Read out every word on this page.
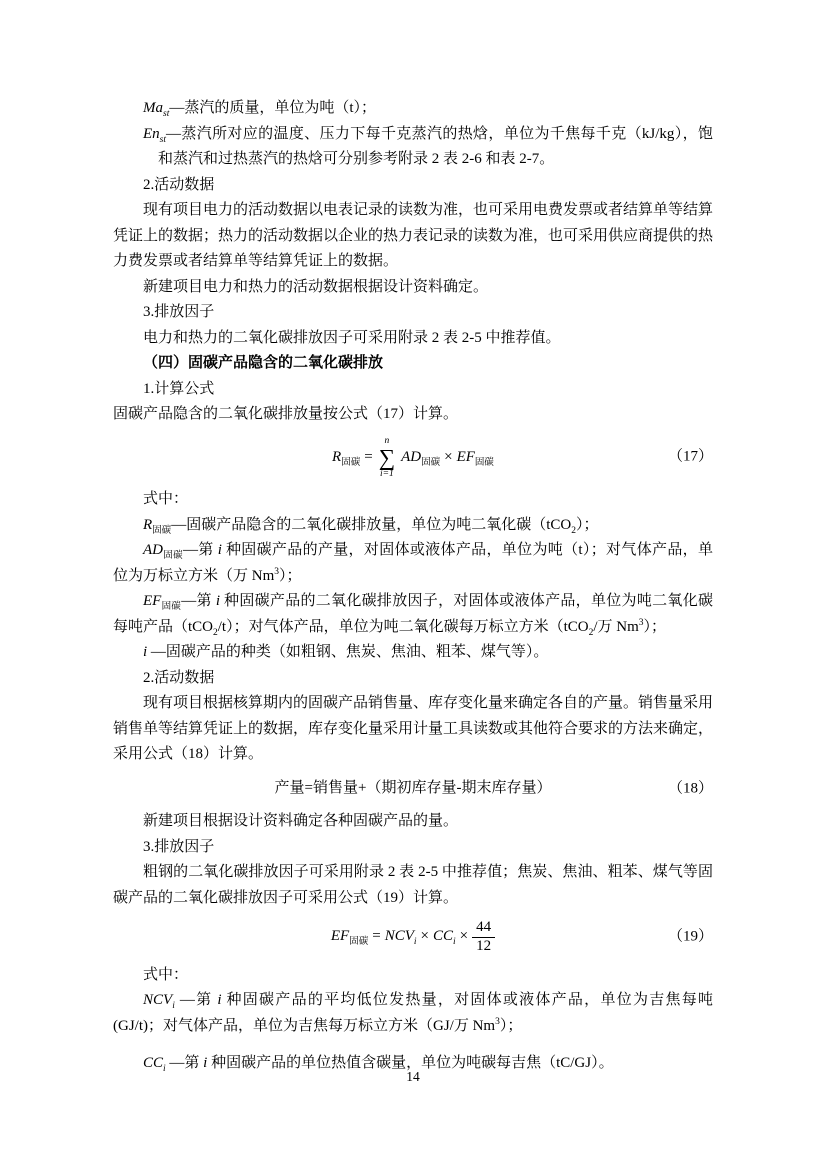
$Ma_{st}—$蒸汽的质量，单位为吨（t）；

$En_{st}—$蒸汽所对应的温度、压力下每千克蒸汽的热焓，单位为千焦每千克（kJ/kg），饱和蒸汽和过热蒸汽的热焓可分别参考附录 2 表 2-6 和表 2-7。

2.活动数据

现有项目电力的活动数据以电表记录的读数为准，也可采用电费发票或者结算单等结算凭证上的数据；热力的活动数据以企业的热力表记录的读数为准，也可采用供应商提供的热力费发票或者结算单等结算凭证上的数据。

新建项目电力和热力的活动数据根据设计资料确定。

3.排放因子

电力和热力的二氧化碳排放因子可采用附录 2 表 2-5 中推荐值。

（四）固碳产品隐含的二氧化碳排放

1.计算公式

固碳产品隐含的二氧化碳排放量按公式（17）计算。

$R_{固碳}$ =
n
∑
i=1
$AD_{固碳} \times EF_{固碳}$	（17）

式中：

$R_{固碳}—$固碳产品隐含的二氧化碳排放量，单位为吨二氧化碳（tCO$_2$）；

$AD_{固碳}—$第 i 种固碳产品的产量，对固体或液体产品，单位为吨（t）；对气体产品，单位为万标立方米（万 Nm$^3$）；

$EF_{固碳}—$第 i 种固碳产品的二氧化碳排放因子，对固体或液体产品，单位为吨二氧化碳每吨产品（tCO$_2$/t）；对气体产品，单位为吨二氧化碳每万标立方米（tCO$_2$/万 Nm$^3$）；

i —固碳产品的种类（如粗钢、焦炭、焦油、粗苯、煤气等）。

2.活动数据

现有项目根据核算期内的固碳产品销售量、库存变化量来确定各自的产量。销售量采用销售单等结算凭证上的数据，库存变化量采用计量工具读数或其他符合要求的方法来确定，采用公式（18）计算。

产量=销售量+（期初库存量-期末库存量）	（18）

新建项目根据设计资料确定各种固碳产品的量。

3.排放因子

粗钢的二氧化碳排放因子可采用附录 2 表 2-5 中推荐值；焦炭、焦油、粗苯、煤气等固碳产品的二氧化碳排放因子可采用公式（19）计算。

$EF_{固碳} = NCV_i \times CC_i \times \frac{44}{12}$	（19）

式中：

$NCV_i$ —第 i 种固碳产品的平均低位发热量，对固体或液体产品，单位为吉焦每吨(GJ/t)；对气体产品，单位为吉焦每万标立方米（GJ/万 Nm$^3$）；

$CC_i$ —第 i 种固碳产品的单位热值含碳量，单位为吨碳每吉焦（tC/GJ）。

14
